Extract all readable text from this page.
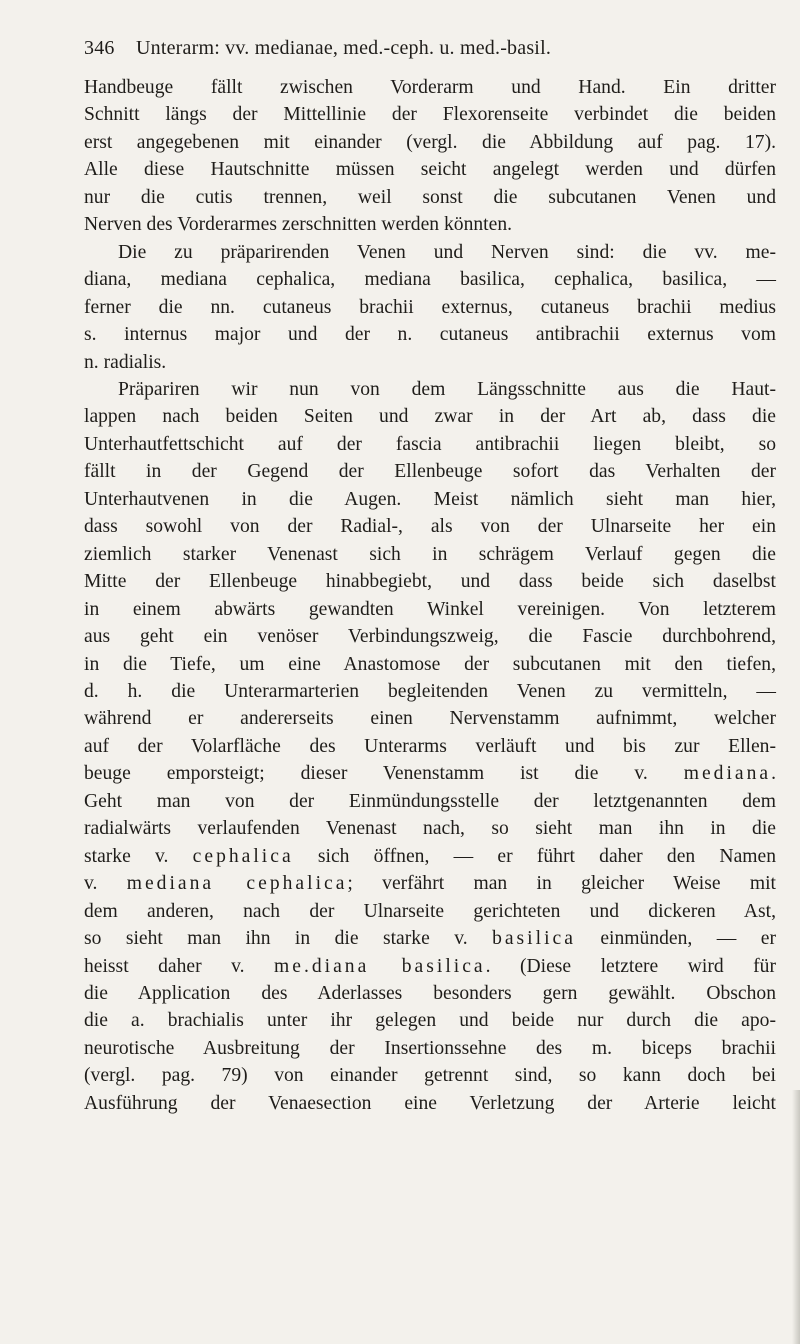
346 Unterarm: vv. medianae, med.-ceph. u. med.-basil.

Handbeuge fällt zwischen Vorderarm und Hand. Ein dritter

Schnitt längs der Mittellinie der Flexorenseite verbindet die beiden

erst angegebenen mit einander (vergl. die Abbildung auf pag. 17).

Alle diese Hautschnitte müssen seicht angelegt werden und dürfen

nur die cutis trennen, weil sonst die subcutanen Venen und

Nerven des Vorderarmes zerschnitten werden könnten.

Die zu präparirenden Venen und Nerven sind: die vv. me-

diana, mediana cephalica, mediana basilica, cephalica, basilica, —

ferner die nn. cutaneus brachii externus, cutaneus brachii medius

s. internus major und der n. cutaneus antibrachii externus vom

n. radialis.

Präpariren wir nun von dem Längsschnitte aus die Haut-

lappen nach beiden Seiten und zwar in der Art ab, dass die

Unterhautfettschicht auf der fascia antibrachii liegen bleibt, so

fällt in der Gegend der Ellenbeuge sofort das Verhalten der

Unterhautvenen in die Augen. Meist nämlich sieht man hier,

dass sowohl von der Radial-, als von der Ulnarseite her ein

ziemlich starker Venenast sich in schrägem Verlauf gegen die

Mitte der Ellenbeuge hinabbegiebt, und dass beide sich daselbst

in einem abwärts gewandten Winkel vereinigen. Von letzterem

aus geht ein venöser Verbindungszweig, die Fascie durchbohrend,

in die Tiefe, um eine Anastomose der subcutanen mit den tiefen,

d. h. die Unterarmarterien begleitenden Venen zu vermitteln, —

während er andererseits einen Nervenstamm aufnimmt, welcher

auf der Volarfläche des Unterarms verläuft und bis zur Ellen-

beuge emporsteigt; dieser Venenstamm ist die v. mediana.

Geht man von der Einmündungsstelle der letztgenannten dem

radialwärts verlaufenden Venenast nach, so sieht man ihn in die

starke v. cephalica sich öffnen, — er führt daher den Namen

v. mediana cephalica; verfährt man in gleicher Weise mit

dem anderen, nach der Ulnarseite gerichteten und dickeren Ast,

so sieht man ihn in die starke v. basilica einmünden, — er

heisst daher v. me.diana basilica. (Diese letztere wird für

die Application des Aderlasses besonders gern gewählt. Obschon

die a. brachialis unter ihr gelegen und beide nur durch die apo-

neurotische Ausbreitung der Insertionssehne des m. biceps brachii

(vergl. pag. 79) von einander getrennt sind, so kann doch bei

Ausführung der Venaesection eine Verletzung der Arterie leicht
